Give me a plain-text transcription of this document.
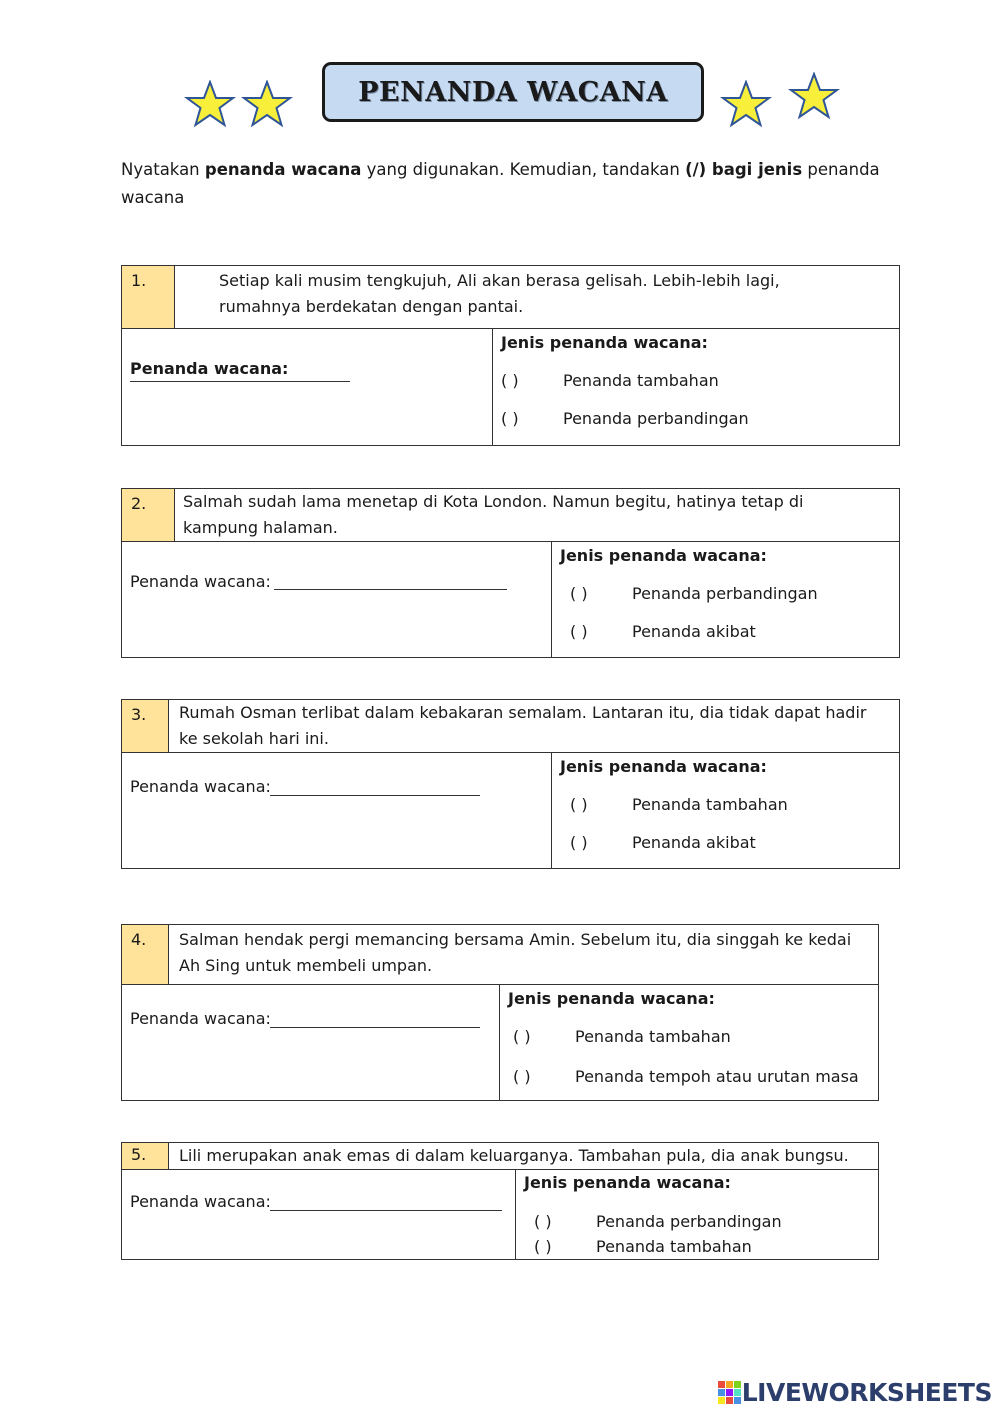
PENANDA WACANA
Nyatakan penanda wacana yang digunakan. Kemudian, tandakan (/) bagi jenis penanda wacana
1.	Setiap kali musim tengkujuh, Ali akan berasa gelisah. Lebih-lebih lagi, rumahnya berdekatan dengan pantai.
Penanda wacana:
Jenis penanda wacana:
( )	Penanda tambahan
( )	Penanda perbandingan
2.	Salmah sudah lama menetap di Kota London. Namun begitu, hatinya tetap di kampung halaman.
Penanda wacana:
Jenis penanda wacana:
( )	Penanda perbandingan
( )	Penanda akibat
3.	Rumah Osman terlibat dalam kebakaran semalam. Lantaran itu, dia tidak dapat hadir ke sekolah hari ini.
Penanda wacana:
Jenis penanda wacana:
( )	Penanda tambahan
( )	Penanda akibat
4.	Salman hendak pergi memancing bersama Amin. Sebelum itu, dia singgah ke kedai Ah Sing untuk membeli umpan.
Penanda wacana:
Jenis penanda wacana:
( )	Penanda tambahan
( )	Penanda tempoh atau urutan masa
5.	Lili merupakan anak emas di dalam keluarganya. Tambahan pula, dia anak bungsu.
Penanda wacana:
Jenis penanda wacana:
( )	Penanda perbandingan
( )	Penanda tambahan
LIVEWORKSHEETS
